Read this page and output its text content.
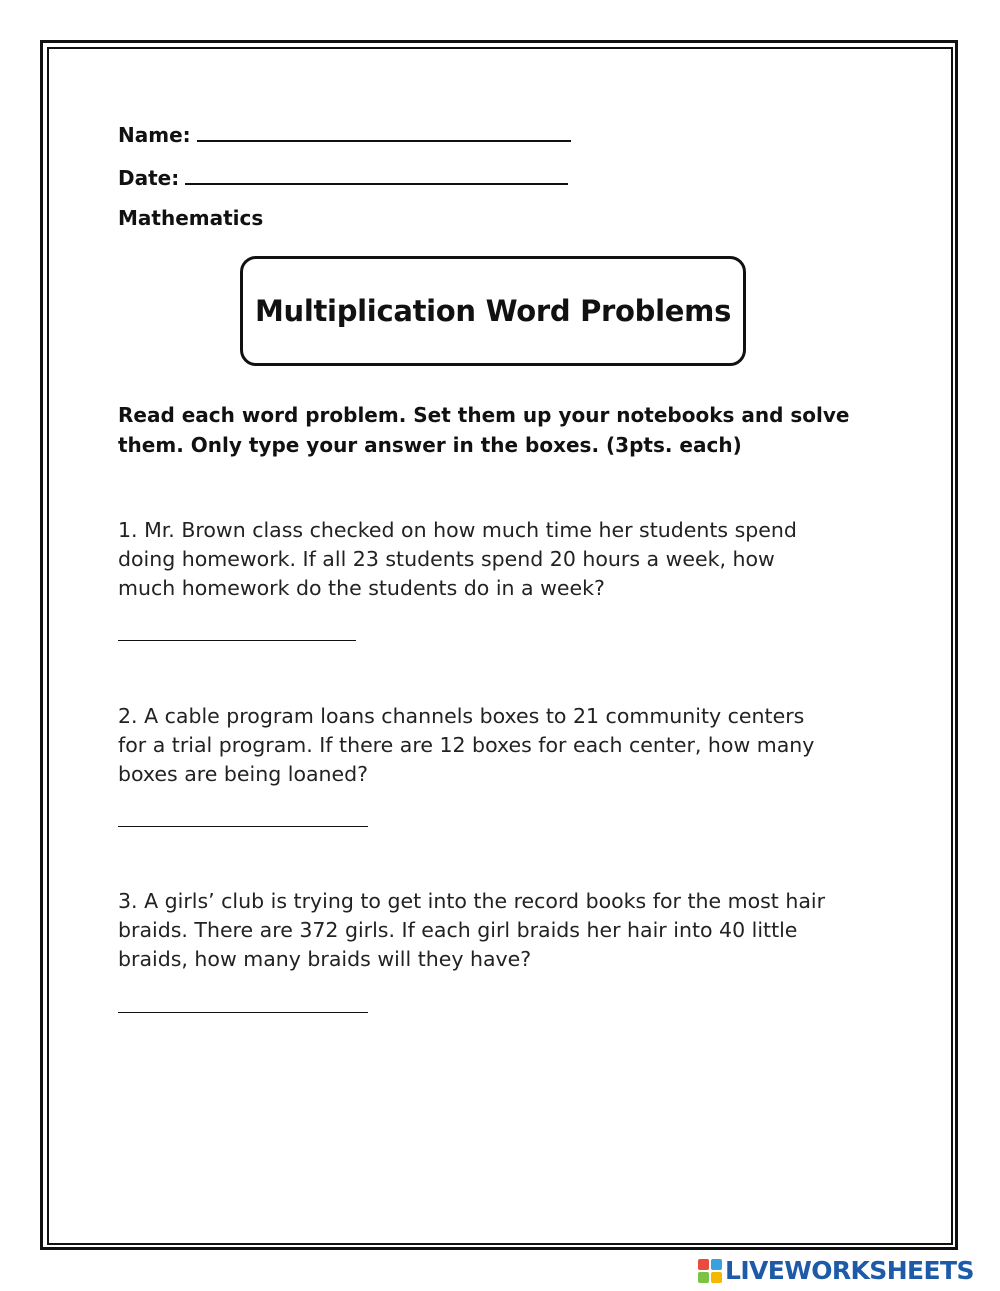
Name:
Date:
Mathematics
Multiplication Word Problems
Read each word problem. Set them up your notebooks and solve
them. Only type your answer in the boxes. (3pts. each)
1. Mr. Brown class checked on how much time her students spend
doing homework. If all 23 students spend 20 hours a week, how
much homework do the students do in a week?
2. A cable program loans channels boxes to 21 community centers
for a trial program. If there are 12 boxes for each center, how many
boxes are being loaned?
3. A girls’ club is trying to get into the record books for the most hair
braids. There are 372 girls. If each girl braids her hair into 40 little
braids, how many braids will they have?
LIVEWORKSHEETS
